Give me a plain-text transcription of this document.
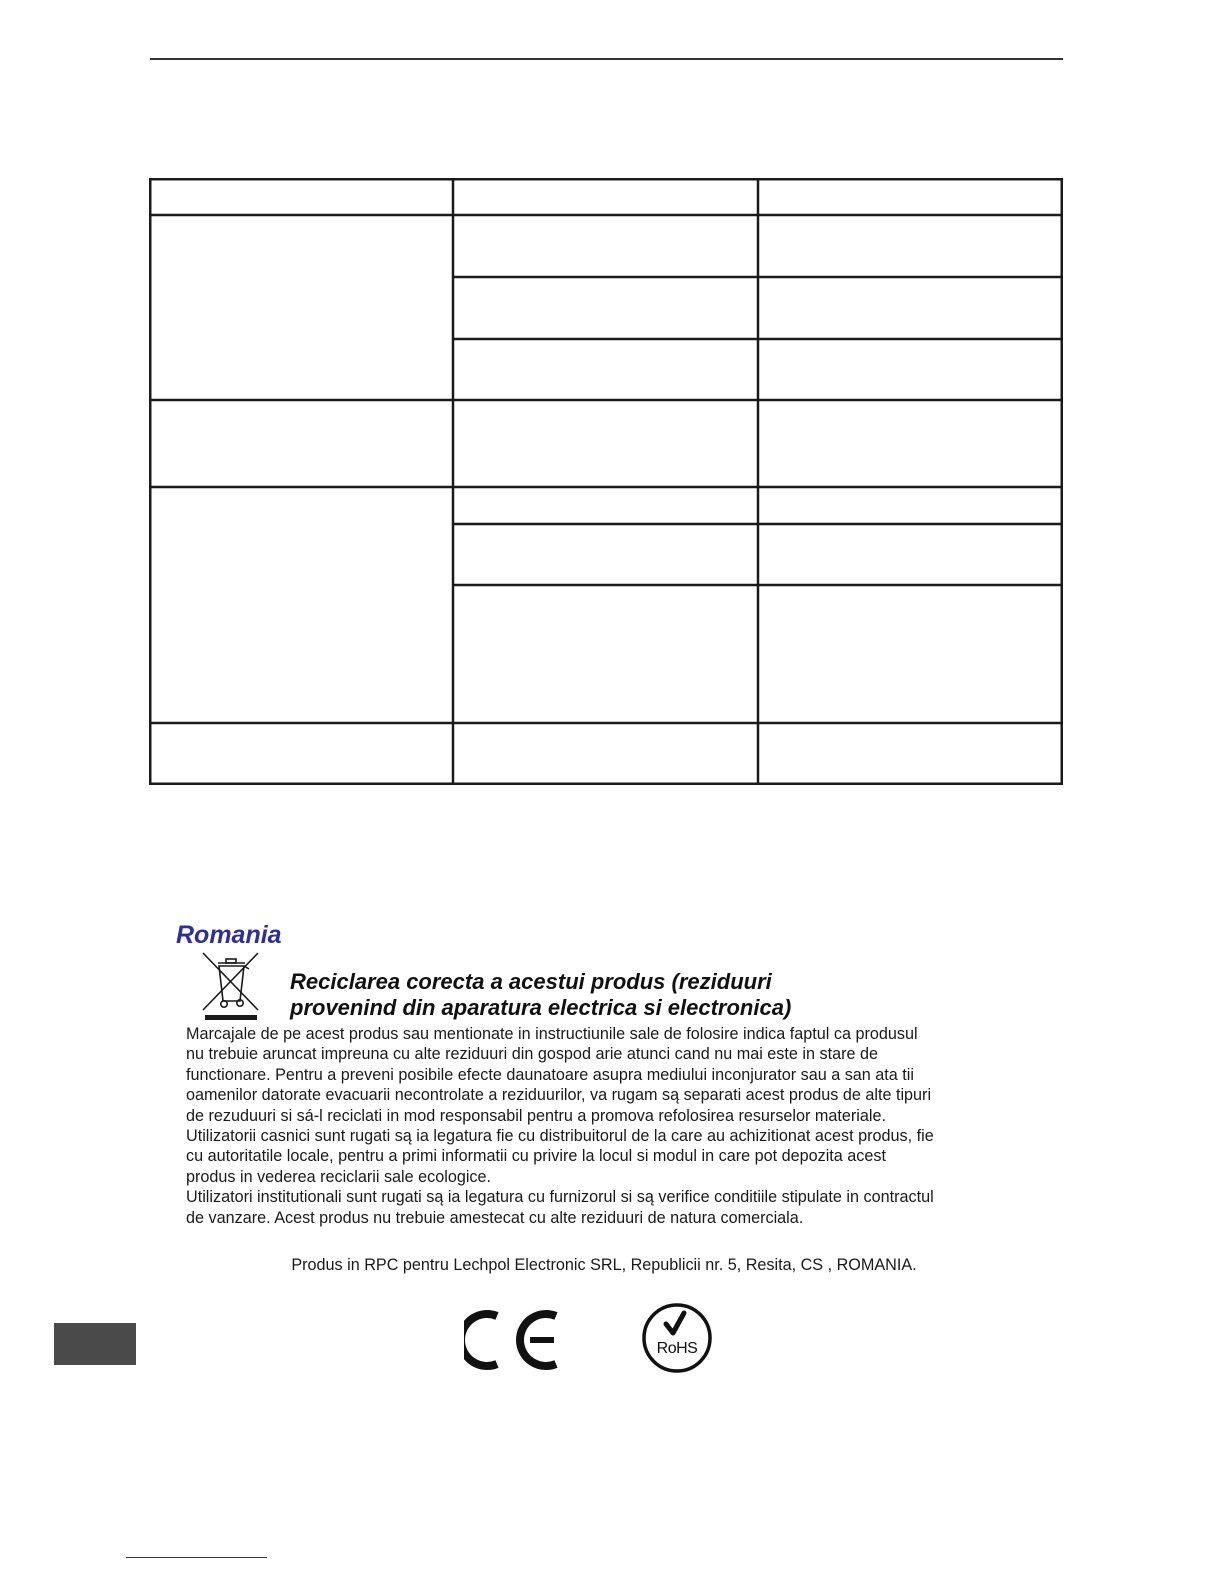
Romania
Reciclarea corecta a acestui produs (reziduuri
provenind din aparatura electrica si electronica)
Marcajale de pe acest produs sau mentionate in instructiunile sale de folosire indica faptul ca produsul
nu trebuie aruncat impreuna cu alte reziduuri din gospod arie atunci cand nu mai este in stare de
functionare. Pentru a preveni posibile efecte daunatoare asupra mediului inconjurator sau a san ata tii
oamenilor datorate evacuarii necontrolate a reziduurilor, va rugam są separati acest produs de alte tipuri
de rezuduuri si sá-l reciclati in mod responsabil pentru a promova refolosirea resurselor materiale.
Utilizatorii casnici sunt rugati są ia legatura fie cu distribuitorul de la care au achizitionat acest produs, fie
cu autoritatile locale, pentru a primi informatii cu privire la locul si modul in care pot depozita acest
produs in vederea reciclarii sale ecologice.
Utilizatori institutionali sunt rugati są ia legatura cu furnizorul si są verifice conditiile stipulate in contractul
de vanzare. Acest produs nu trebuie amestecat cu alte reziduuri de natura comerciala.
Produs in RPC pentru Lechpol Electronic SRL, Republicii nr. 5, Resita, CS , ROMANIA.
RoHS
